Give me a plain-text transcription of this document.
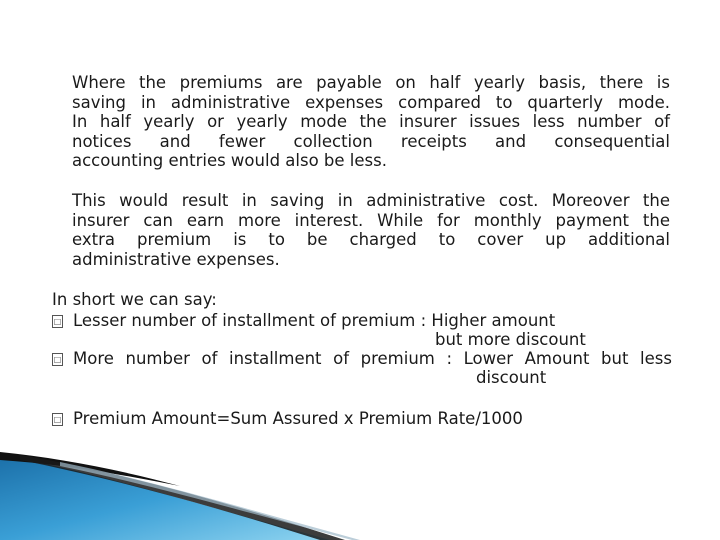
Where the premiums are payable on half yearly basis, there is
saving in administrative expenses compared to quarterly mode.
In half yearly or yearly mode the insurer issues less number of
notices and fewer collection receipts and consequential
accounting entries would also be less.
This would result in saving in administrative cost. Moreover the
insurer can earn more interest. While for monthly payment the
extra premium is to be charged to cover up additional
administrative expenses.
In short we can say:
□ Lesser number of installment of premium : Higher amount
but more discount
□ More number of installment of premium : Lower Amount but less
discount
□ Premium Amount=Sum Assured x Premium Rate/1000
